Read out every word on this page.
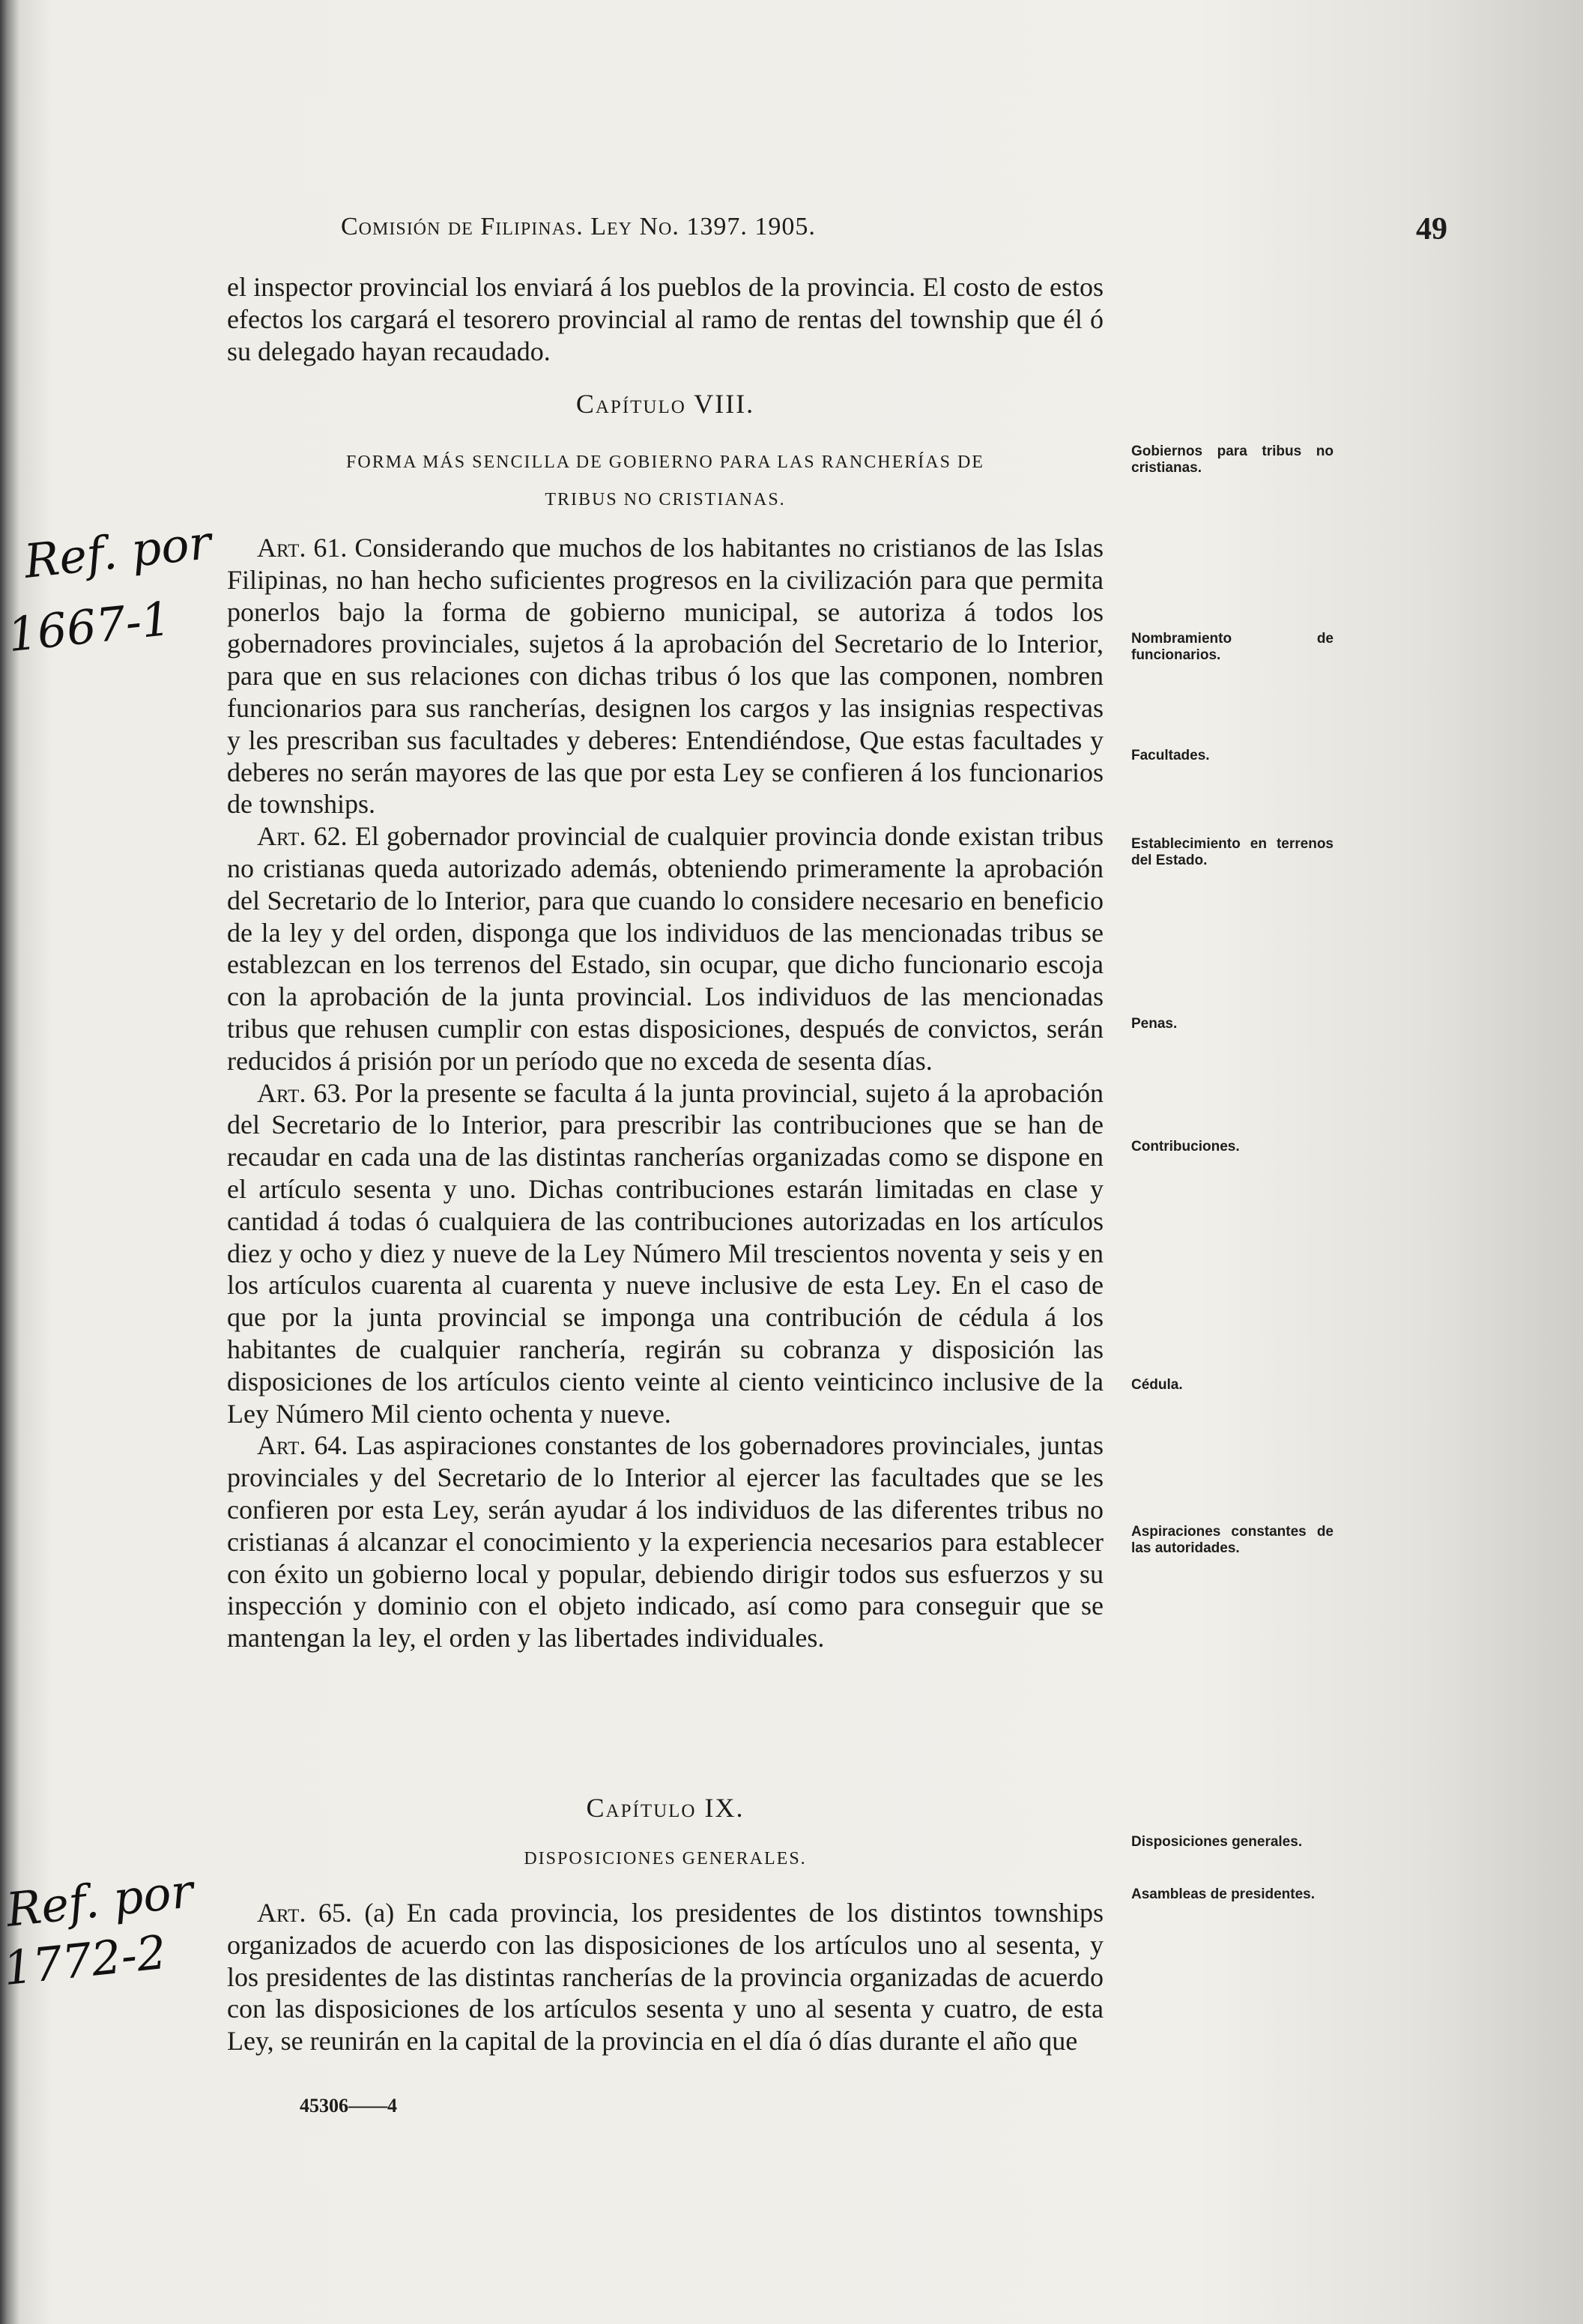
Comisión de Filipinas. Ley No. 1397. 1905.	49

el inspector provincial los enviará á los pueblos de la provincia. El costo de estos efectos los cargará el tesorero provincial al ramo de rentas del township que él ó su delegado hayan recaudado.

Capítulo VIII.
FORMA MÁS SENCILLA DE GOBIERNO PARA LAS RANCHERÍAS DE
TRIBUS NO CRISTIANAS.

Art. 61. Considerando que muchos de los habitantes no cristianos de las Islas Filipinas, no han hecho suficientes progresos en la civilización para que permita ponerlos bajo la forma de gobierno municipal, se autoriza á todos los gobernadores provinciales, sujetos á la aprobación del Secretario de lo Interior, para que en sus relaciones con dichas tribus ó los que las componen, nombren funcionarios para sus rancherías, designen los cargos y las insignias respectivas y les prescriban sus facultades y deberes: Entendiéndose, Que estas facultades y deberes no serán mayores de las que por esta Ley se confieren á los funcionarios de townships.

Art. 62. El gobernador provincial de cualquier provincia donde existan tribus no cristianas queda autorizado además, obteniendo primeramente la aprobación del Secretario de lo Interior, para que cuando lo considere necesario en beneficio de la ley y del orden, disponga que los individuos de las mencionadas tribus se establezcan en los terrenos del Estado, sin ocupar, que dicho funcionario escoja con la aprobación de la junta provincial. Los individuos de las mencionadas tribus que rehusen cumplir con estas disposiciones, después de convictos, serán reducidos á prisión por un período que no exceda de sesenta días.

Art. 63. Por la presente se faculta á la junta provincial, sujeto á la aprobación del Secretario de lo Interior, para prescribir las contribuciones que se han de recaudar en cada una de las distintas rancherías organizadas como se dispone en el artículo sesenta y uno. Dichas contribuciones estarán limitadas en clase y cantidad á todas ó cualquiera de las contribuciones autorizadas en los artículos diez y ocho y diez y nueve de la Ley Número Mil trescientos noventa y seis y en los artículos cuarenta al cuarenta y nueve inclusive de esta Ley. En el caso de que por la junta provincial se imponga una contribución de cédula á los habitantes de cualquier ranchería, regirán su cobranza y disposición las disposiciones de los artículos ciento veinte al ciento veinticinco inclusive de la Ley Número Mil ciento ochenta y nueve.

Art. 64. Las aspiraciones constantes de los gobernadores provinciales, juntas provinciales y del Secretario de lo Interior al ejercer las facultades que se les confieren por esta Ley, serán ayudar á los individuos de las diferentes tribus no cristianas á alcanzar el conocimiento y la experiencia necesarios para establecer con éxito un gobierno local y popular, debiendo dirigir todos sus esfuerzos y su inspección y dominio con el objeto indicado, así como para conseguir que se mantengan la ley, el orden y las libertades individuales.

Capítulo IX.
DISPOSICIONES GENERALES.

Art. 65. (a) En cada provincia, los presidentes de los distintos townships organizados de acuerdo con las disposiciones de los artículos uno al sesenta, y los presidentes de las distintas rancherías de la provincia organizadas de acuerdo con las disposiciones de los artículos sesenta y uno al sesenta y cuatro, de esta Ley, se reunirán en la capital de la provincia en el día ó días durante el año que

Gobiernos para tribus no cristianas.
Nombramiento de funcionarios.
Facultades.
Establecimiento en terrenos del Estado.
Penas.
Contribuciones.
Cédula.
Aspiraciones constantes de las autoridades.
Disposiciones generales.
Asambleas de presidentes.
Ref. por
1667-1
Ref. por
1772-2
45306——4
